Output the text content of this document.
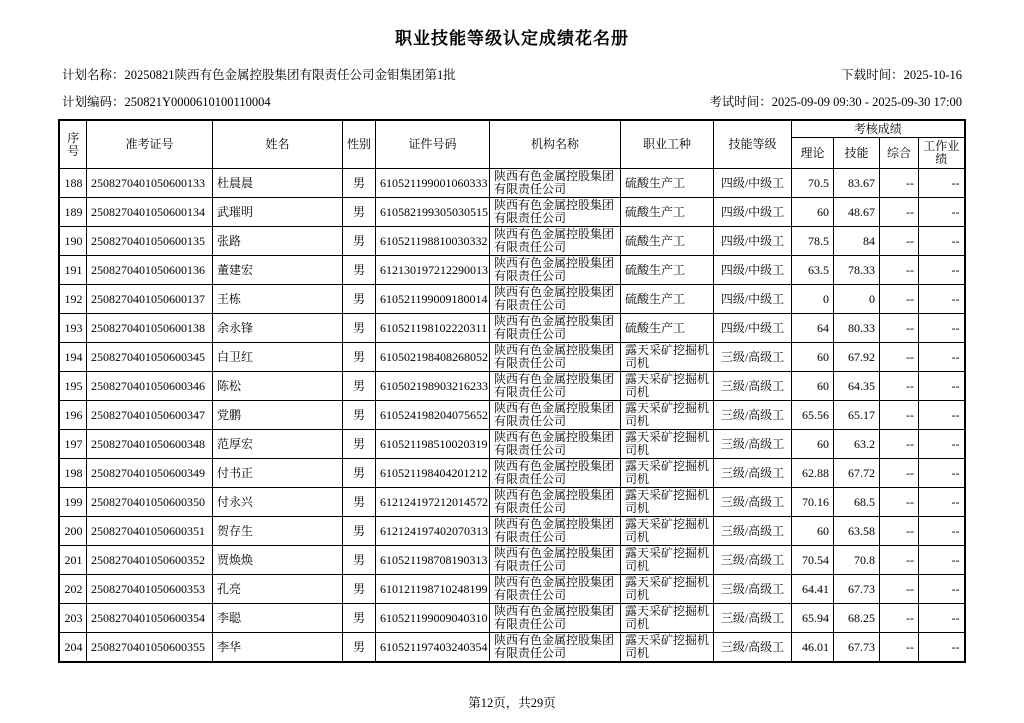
职业技能等级认定成绩花名册
计划名称：20250821陕西有色金属控股集团有限责任公司金钼集团第1批	下载时间：2025-10-16
计划编码：250821Y0000610100110004	考试时间：2025-09-09 09:30 - 2025-09-30 17:00
序号	准考证号	姓名	性别	证件号码	机构名称	职业工种	技能等级	考核成绩			
								理论	技能	综合	工作业绩
188	2508270401050600133	杜晨晨	男	610521199001060333	陕西有色金属控股集团有限责任公司	硫酸生产工	四级/中级工	70.5	83.67	--	--
189	2508270401050600134	武璀明	男	610582199305030515	陕西有色金属控股集团有限责任公司	硫酸生产工	四级/中级工	60	48.67	--	--
190	2508270401050600135	张路	男	610521198810030332	陕西有色金属控股集团有限责任公司	硫酸生产工	四级/中级工	78.5	84	--	--
191	2508270401050600136	董建宏	男	612130197212290013	陕西有色金属控股集团有限责任公司	硫酸生产工	四级/中级工	63.5	78.33	--	--
192	2508270401050600137	王栋	男	610521199009180014	陕西有色金属控股集团有限责任公司	硫酸生产工	四级/中级工	0	0	--	--
193	2508270401050600138	余永锋	男	610521198102220311	陕西有色金属控股集团有限责任公司	硫酸生产工	四级/中级工	64	80.33	--	--
194	2508270401050600345	白卫红	男	610502198408268052	陕西有色金属控股集团有限责任公司	露天采矿挖掘机司机	三级/高级工	60	67.92	--	--
195	2508270401050600346	陈松	男	610502198903216233	陕西有色金属控股集团有限责任公司	露天采矿挖掘机司机	三级/高级工	60	64.35	--	--
196	2508270401050600347	党鹏	男	610524198204075652	陕西有色金属控股集团有限责任公司	露天采矿挖掘机司机	三级/高级工	65.56	65.17	--	--
197	2508270401050600348	范厚宏	男	610521198510020319	陕西有色金属控股集团有限责任公司	露天采矿挖掘机司机	三级/高级工	60	63.2	--	--
198	2508270401050600349	付书正	男	610521198404201212	陕西有色金属控股集团有限责任公司	露天采矿挖掘机司机	三级/高级工	62.88	67.72	--	--
199	2508270401050600350	付永兴	男	612124197212014572	陕西有色金属控股集团有限责任公司	露天采矿挖掘机司机	三级/高级工	70.16	68.5	--	--
200	2508270401050600351	贺存生	男	612124197402070313	陕西有色金属控股集团有限责任公司	露天采矿挖掘机司机	三级/高级工	60	63.58	--	--
201	2508270401050600352	贾焕焕	男	610521198708190313	陕西有色金属控股集团有限责任公司	露天采矿挖掘机司机	三级/高级工	70.54	70.8	--	--
202	2508270401050600353	孔亮	男	610121198710248199	陕西有色金属控股集团有限责任公司	露天采矿挖掘机司机	三级/高级工	64.41	67.73	--	--
203	2508270401050600354	李聪	男	610521199009040310	陕西有色金属控股集团有限责任公司	露天采矿挖掘机司机	三级/高级工	65.94	68.25	--	--
204	2508270401050600355	李华	男	610521197403240354	陕西有色金属控股集团有限责任公司	露天采矿挖掘机司机	三级/高级工	46.01	67.73	--	--
第12页，共29页
